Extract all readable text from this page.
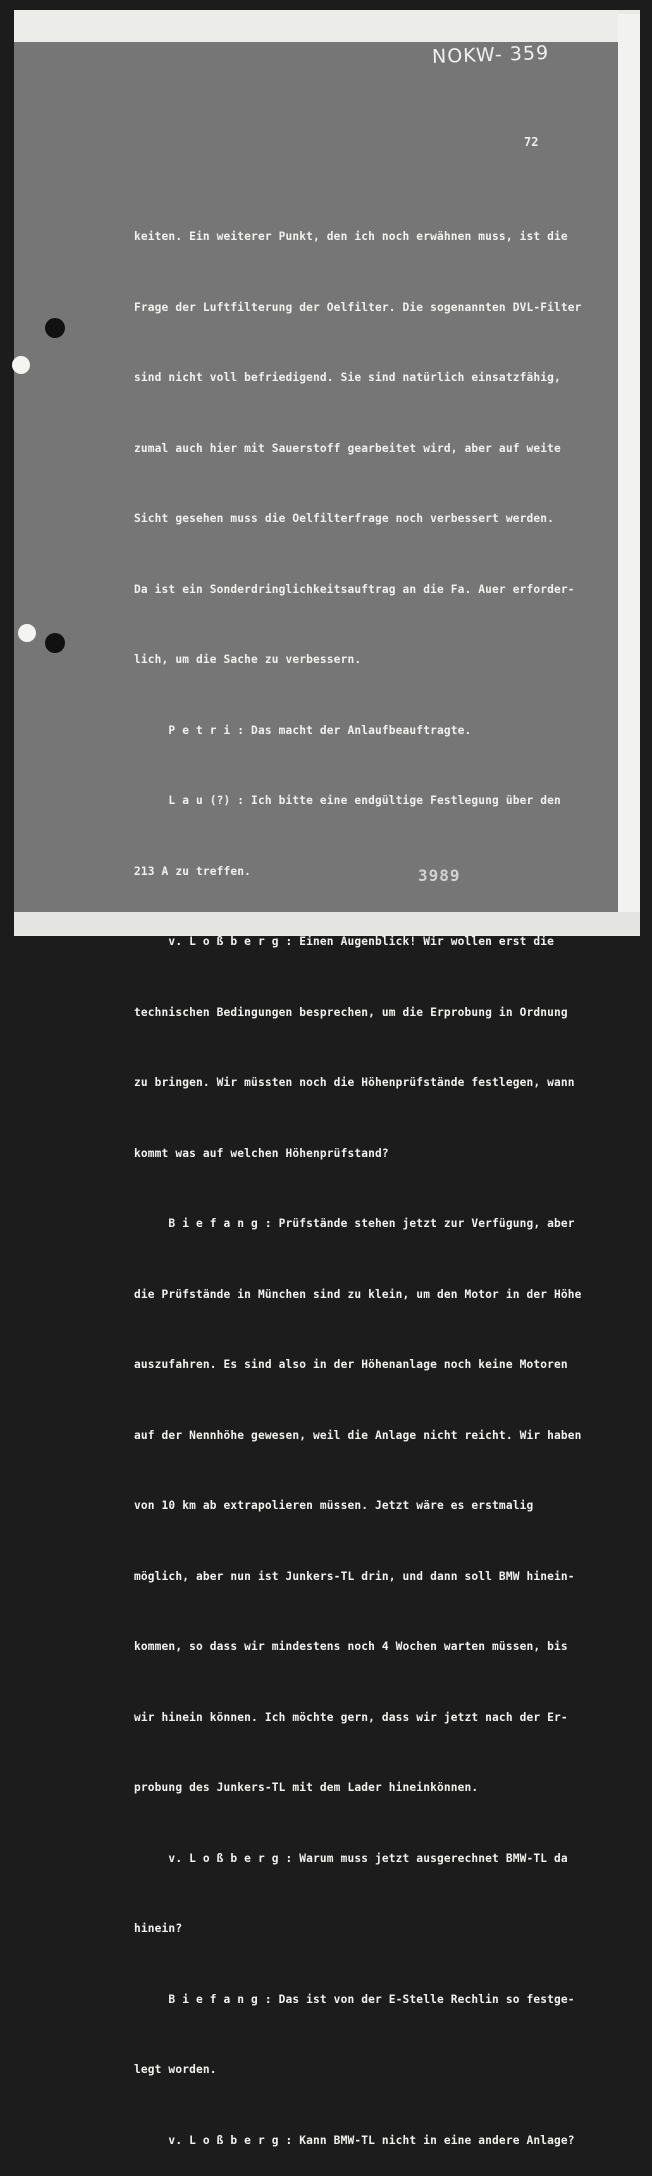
NOKW- 359
72

keiten. Ein weiterer Punkt, den ich noch erwähnen muss, ist die

Frage der Luftfilterung der Oelfilter. Die sogenannten DVL-Filter

sind nicht voll befriedigend. Sie sind natürlich einsatzfähig,

zumal auch hier mit Sauerstoff gearbeitet wird, aber auf weite

Sicht gesehen muss die Oelfilterfrage noch verbessert werden.

Da ist ein Sonderdringlichkeitsauftrag an die Fa. Auer erforder-

lich, um die Sache zu verbessern.

P e t r i : Das macht der Anlaufbeauftragte.

L a u (?) : Ich bitte eine endgültige Festlegung über den

213 A zu treffen.

v. L o ß b e r g : Einen Augenblick! Wir wollen erst die

technischen Bedingungen besprechen, um die Erprobung in Ordnung

zu bringen. Wir müssten noch die Höhenprüfstände festlegen, wann

kommt was auf welchen Höhenprüfstand?

B i e f a n g : Prüfstände stehen jetzt zur Verfügung, aber

die Prüfstände in München sind zu klein, um den Motor in der Höhe

auszufahren. Es sind also in der Höhenanlage noch keine Motoren

auf der Nennhöhe gewesen, weil die Anlage nicht reicht. Wir haben

von 10 km ab extrapolieren müssen. Jetzt wäre es erstmalig

möglich, aber nun ist Junkers-TL drin, und dann soll BMW hinein-

kommen, so dass wir mindestens noch 4 Wochen warten müssen, bis

wir hinein können. Ich möchte gern, dass wir jetzt nach der Er-

probung des Junkers-TL mit dem Lader hineinkönnen.

v. L o ß b e r g : Warum muss jetzt ausgerechnet BMW-TL da

hinein?

B i e f a n g : Das ist von der E-Stelle Rechlin so festge-

legt worden.

v. L o ß b e r g : Kann BMW-TL nicht in eine andere Anlage?

3989
